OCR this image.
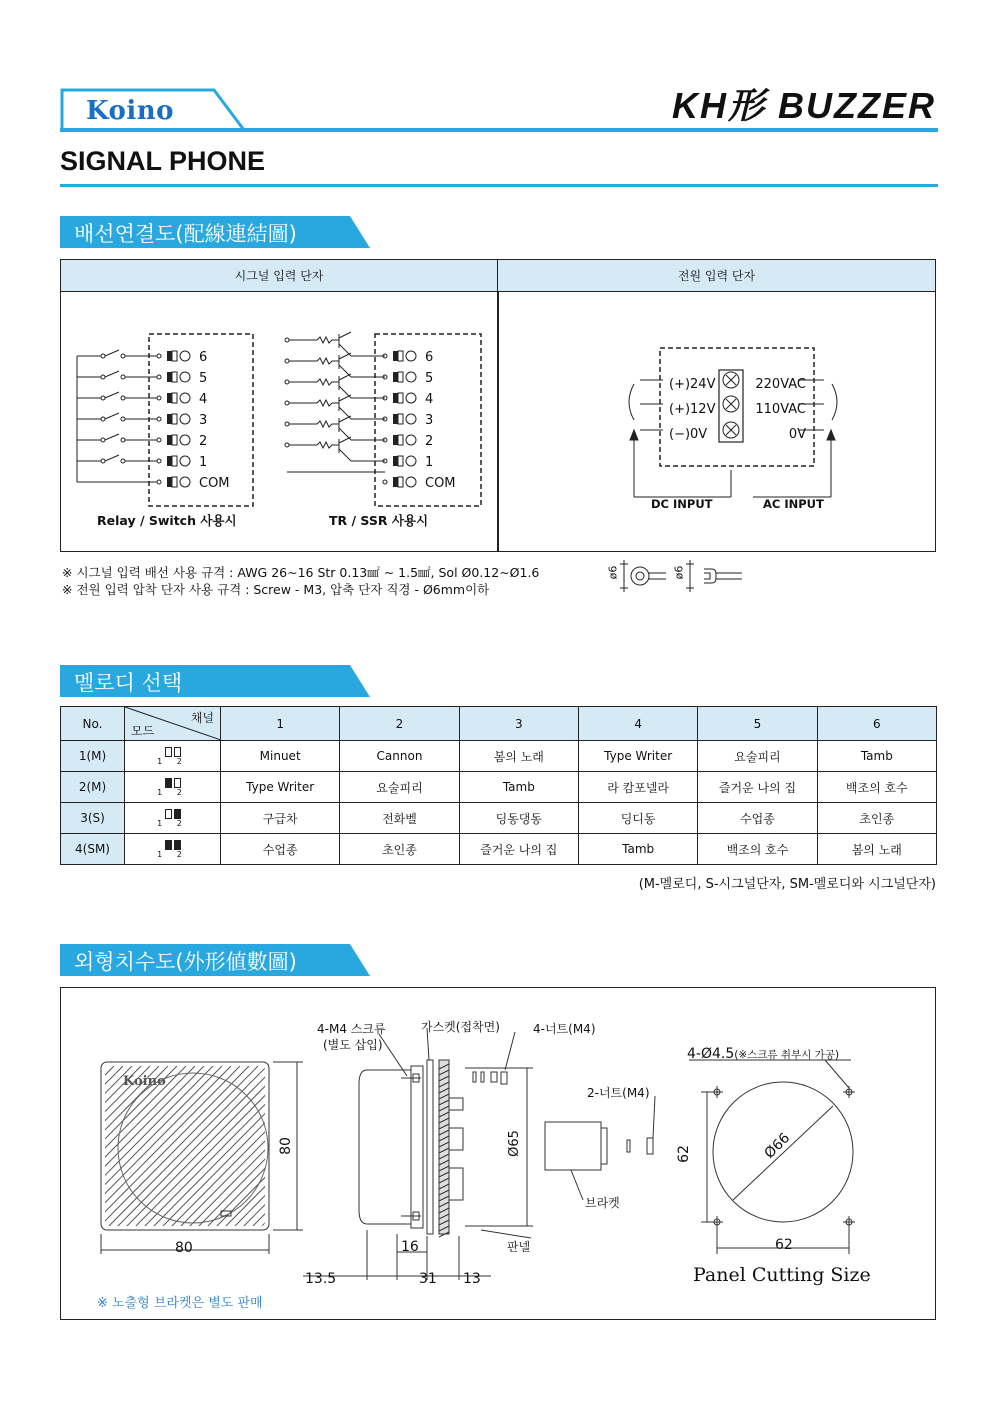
Koino	KH形 BUZZER
SIGNAL PHONE
배선연결도(配線連結圖)
시그널 입력 단자	전원 입력 단자
6
5
4
3
2
1
COM
6
5
4
3
2
1
COM
Relay / Switch 사용시	TR / SSR 사용시
(+)24V
(+)12V
(−)0V
220VAC
110VAC
0V
DC INPUT	AC INPUT
※ 시그널 입력 배선 사용 규격 : AWG 26∼16 Str 0.13㎟ ∼ 1.5㎟, Sol Ø0.12∼Ø1.6
※ 전원 입력 압착 단자 사용 규격 : Screw - M3, 압축 단자 직경 - Ø6mm이하
ø6	ø6
멜로디 선택
No.	채널
모드	1	2	3	4	5	6
1(M)	1 2	Minuet	Cannon	봄의 노래	Type Writer	요술피리	Tamb
2(M)	1 2	Type Writer	요술피리	Tamb	라 캄포넬라	즐거운 나의 집	백조의 호수
3(S)	1 2	구급차	전화벨	딩동댕동	딩디동	수업종	초인종
4(SM)	1 2	수업종	초인종	즐거운 나의 집	Tamb	백조의 호수	봄의 노래
(M-멜로디, S-시그널단자, SM-멜로디와 시그널단자)
외형치수도(外形値數圖)
Koino
80
80
4-M4 스크류
(별도 삽입)
가스켓(접착면)	4-너트(M4)
Ø65
13.5
16
31 13
판넬
2-너트(M4)
브라켓
4-Ø4.5(※스크류 취부시 가공)
Ø66
62
62
Panel Cutting Size
※ 노출형 브라켓은 별도 판매
